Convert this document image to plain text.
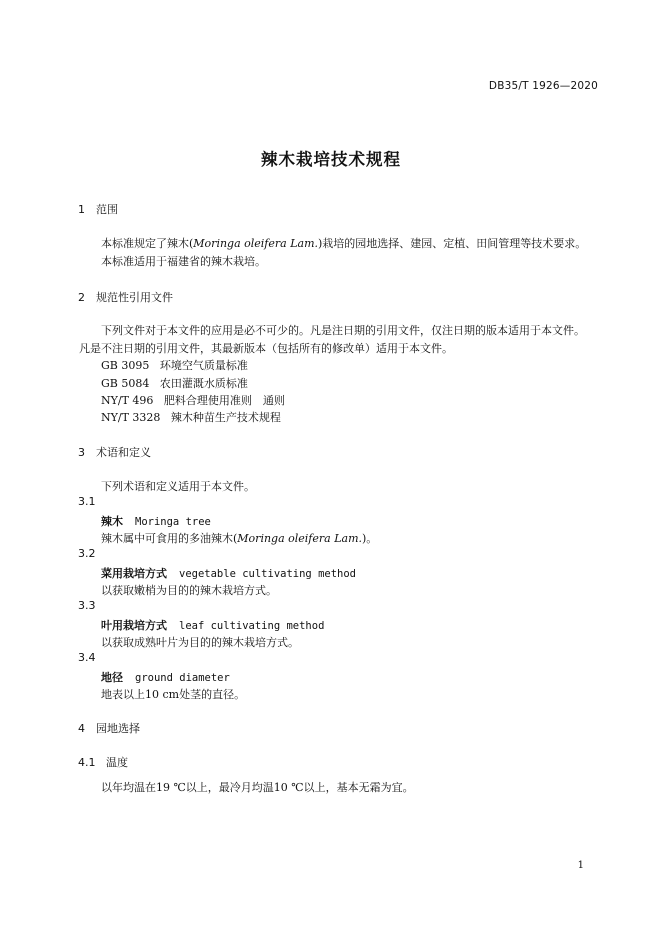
DB35/T 1926—2020
辣木栽培技术规程
1 范围
本标准规定了辣木(Moringa oleifera Lam.)栽培的园地选择、建园、定植、田间管理等技术要求。
本标准适用于福建省的辣木栽培。
2 规范性引用文件
下列文件对于本文件的应用是必不可少的。凡是注日期的引用文件，仅注日期的版本适用于本文件。
凡是不注日期的引用文件，其最新版本（包括所有的修改单）适用于本文件。
GB 3095 环境空气质量标准
GB 5084 农田灌溉水质标准
NY/T 496 肥料合理使用准则　通则
NY/T 3328 辣木种苗生产技术规程
3 术语和定义
下列术语和定义适用于本文件。
3.1
辣木 Moringa tree
辣木属中可食用的多油辣木(Moringa oleifera Lam.)。
3.2
菜用栽培方式 vegetable cultivating method
以获取嫩梢为目的的辣木栽培方式。
3.3
叶用栽培方式 leaf cultivating method
以获取成熟叶片为目的的辣木栽培方式。
3.4
地径 ground diameter
地表以上10 cm处茎的直径。
4 园地选择
4.1 温度
以年均温在19 ℃以上，最冷月均温10 ℃以上，基本无霜为宜。
1
